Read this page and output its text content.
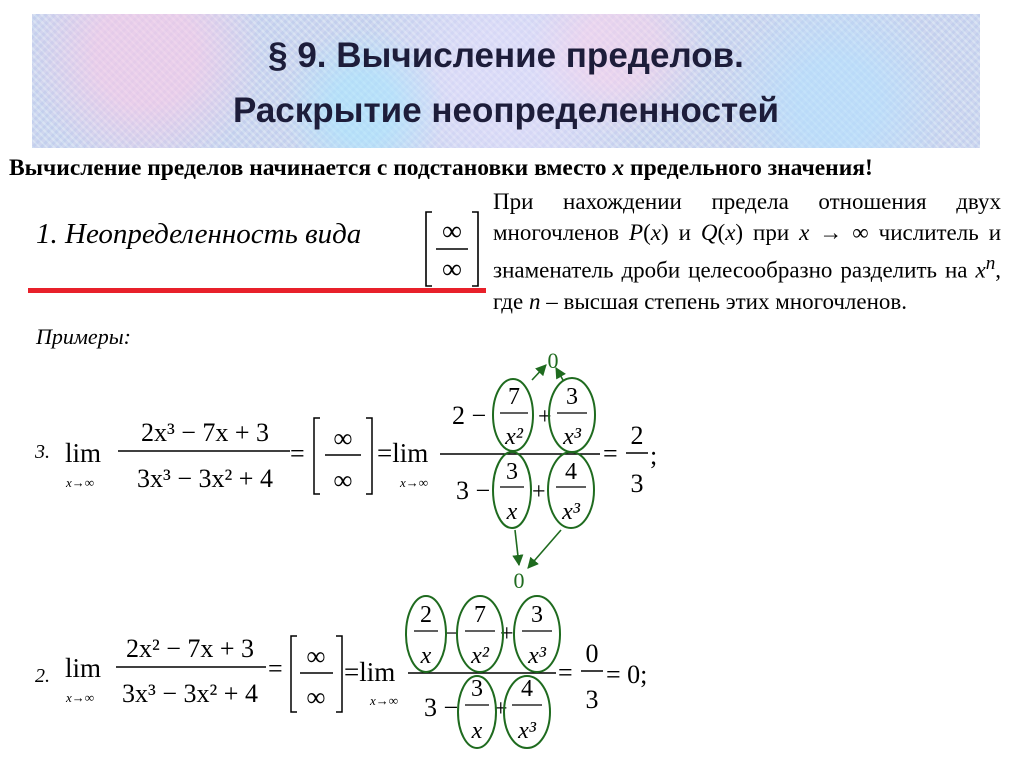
§ 9. Вычисление пределов.
Раскрытие неопределенностей

Вычисление пределов начинается с подстановки вместо x предельного значения!

1. Неопределенность вида

При нахождении предела отношения двух многочленов P(x) и Q(x) при x → ∞ числитель и знаменатель дроби целесообразно разделить на $x^n$, где n – высшая степень этих многочленов.

Примеры:

∞
∞
3. lim
x→∞
2x³ − 7x + 3
3x³ − 3x² + 4
=
∞
∞
=lim
x→∞
2 −
7
x²
+
3
x³
3 −
3
x
+
4
x³
=
2
3
;
0
0
2. lim
x→∞
2x² − 7x + 3
3x³ − 3x² + 4
= ∞
∞
=lim
x→∞
2
x
−
7
x²
+
3
x³
3 −
3
x
+
4
x³
=
0
3
= 0;
